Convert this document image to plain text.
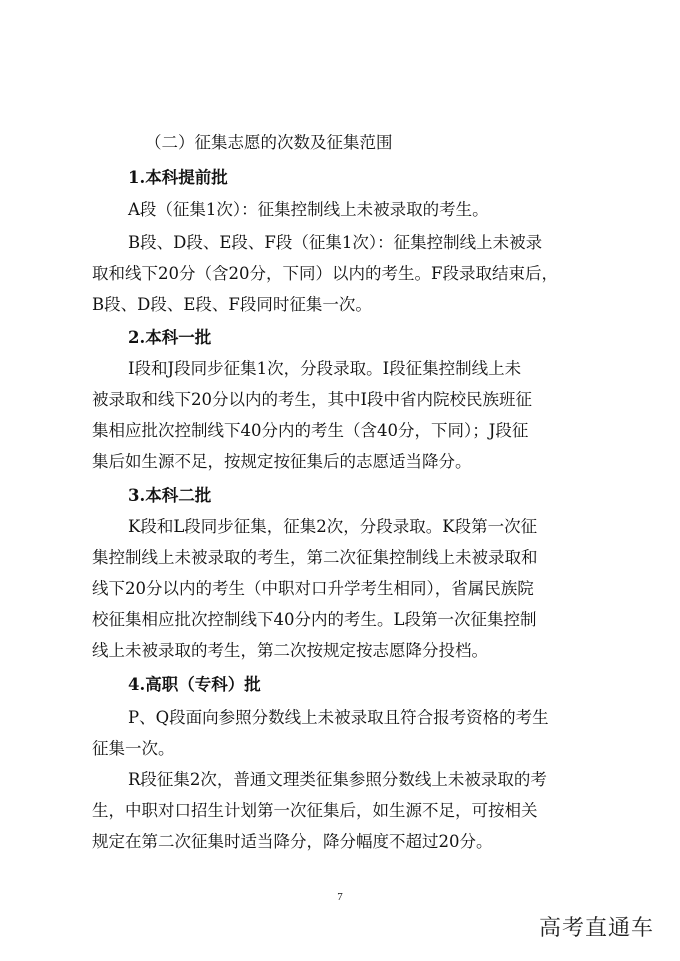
（二）征集志愿的次数及征集范围
1.本科提前批
A段（征集1次）：征集控制线上未被录取的考生。
B段、D段、E段、F段（征集1次）：征集控制线上未被录
取和线下20分（含20分，下同）以内的考生。F段录取结束后，
B段、D段、E段、F段同时征集一次。
2.本科一批
I段和J段同步征集1次，分段录取。I段征集控制线上未
被录取和线下20分以内的考生，其中I段中省内院校民族班征
集相应批次控制线下40分内的考生（含40分，下同）；J段征
集后如生源不足，按规定按征集后的志愿适当降分。
3.本科二批
K段和L段同步征集，征集2次，分段录取。K段第一次征
集控制线上未被录取的考生，第二次征集控制线上未被录取和
线下20分以内的考生（中职对口升学考生相同），省属民族院
校征集相应批次控制线下40分内的考生。L段第一次征集控制
线上未被录取的考生，第二次按规定按志愿降分投档。
4.高职（专科）批
P、Q段面向参照分数线上未被录取且符合报考资格的考生
征集一次。
R段征集2次，普通文理类征集参照分数线上未被录取的考
生，中职对口招生计划第一次征集后，如生源不足，可按相关
规定在第二次征集时适当降分，降分幅度不超过20分。
7
高考直通车
